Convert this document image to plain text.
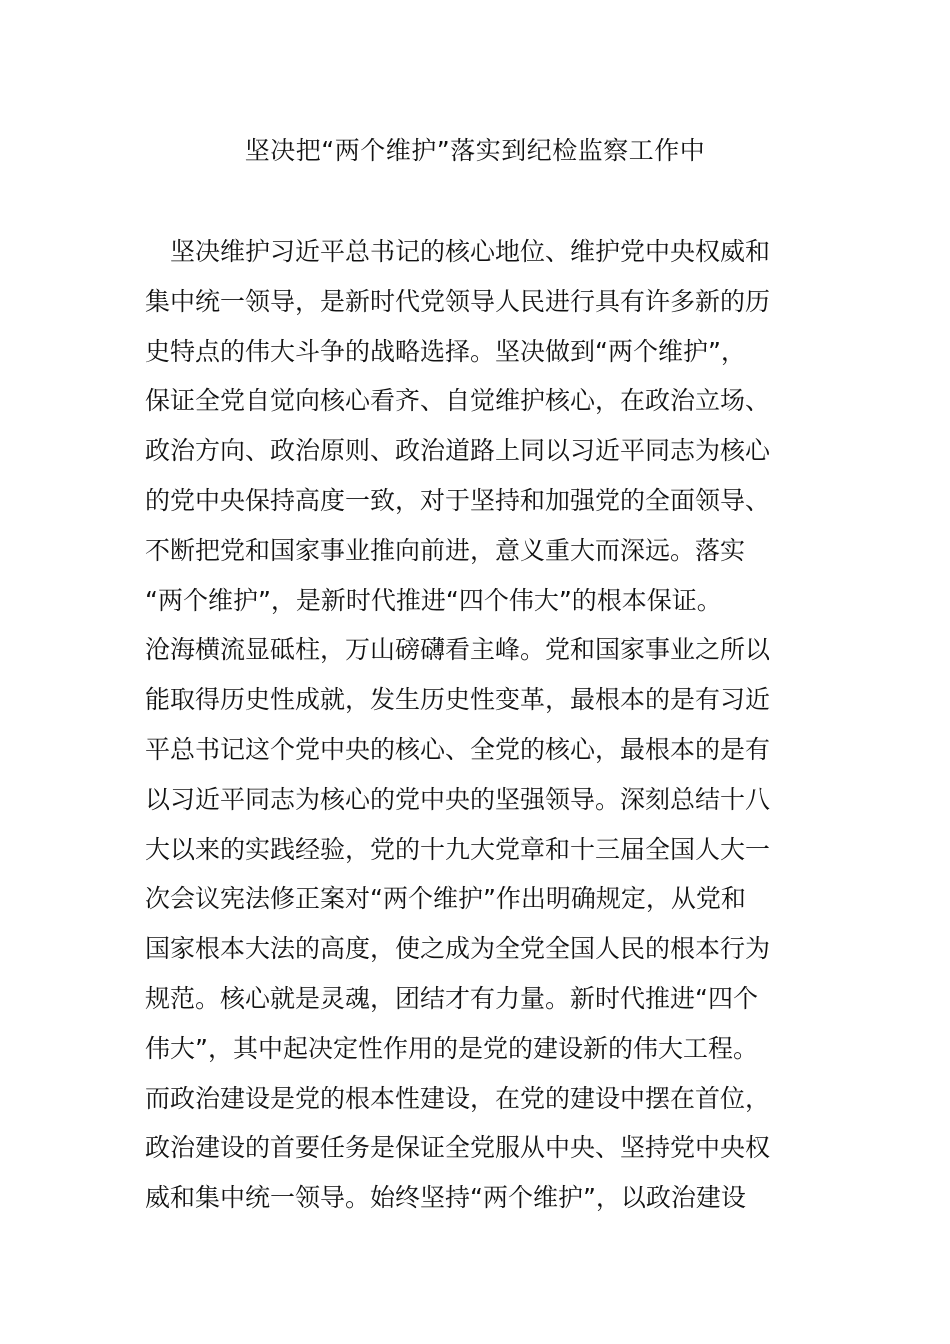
坚决把“两个维护”落实到纪检监察工作中
　坚决维护习近平总书记的核心地位、维护党中央权威和
集中统一领导，是新时代党领导人民进行具有许多新的历
史特点的伟大斗争的战略选择。坚决做到“两个维护”，
保证全党自觉向核心看齐、自觉维护核心，在政治立场、
政治方向、政治原则、政治道路上同以习近平同志为核心
的党中央保持高度一致，对于坚持和加强党的全面领导、
不断把党和国家事业推向前进，意义重大而深远。落实
“两个维护”，是新时代推进“四个伟大”的根本保证。
沧海横流显砥柱，万山磅礴看主峰。党和国家事业之所以
能取得历史性成就，发生历史性变革，最根本的是有习近
平总书记这个党中央的核心、全党的核心，最根本的是有
以习近平同志为核心的党中央的坚强领导。深刻总结十八
大以来的实践经验，党的十九大党章和十三届全国人大一
次会议宪法修正案对“两个维护”作出明确规定，从党和
国家根本大法的高度，使之成为全党全国人民的根本行为
规范。核心就是灵魂，团结才有力量。新时代推进“四个
伟大”，其中起决定性作用的是党的建设新的伟大工程。
而政治建设是党的根本性建设，在党的建设中摆在首位，
政治建设的首要任务是保证全党服从中央、坚持党中央权
威和集中统一领导。始终坚持“两个维护”，以政治建设
